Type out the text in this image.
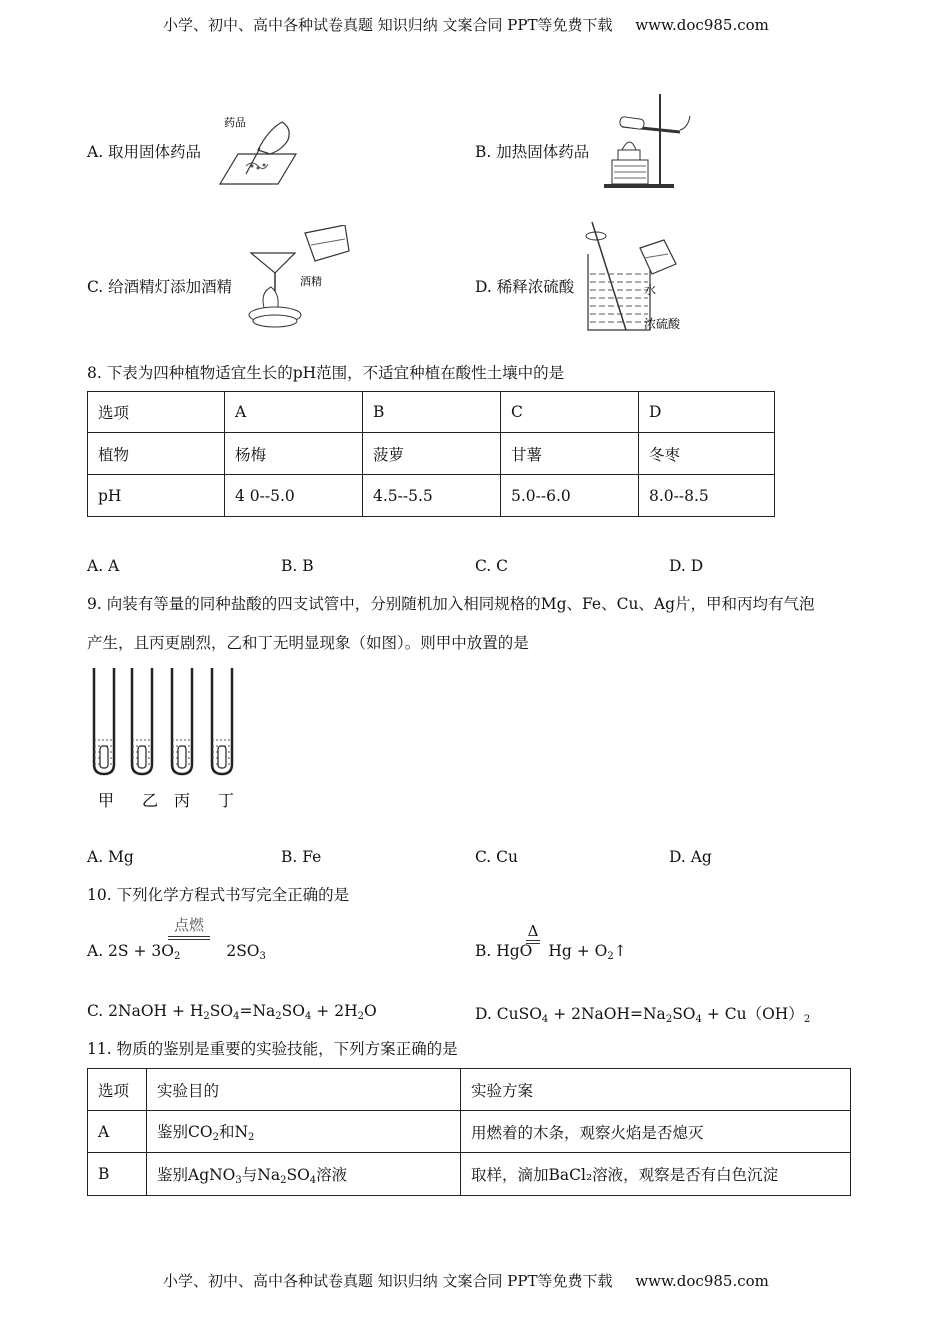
小学、初中、高中各种试卷真题 知识归纳 文案合同 PPT等免费下载 www.doc985.com
A. 取用固体药品
药品
B. 加热固体药品
C. 给酒精灯添加酒精	酒精	D. 稀释浓硫酸	水
浓硫酸
8. 下表为四种植物适宜生长的pH范围，不适宜种植在酸性土壤中的是
选项	A	B	C	D
植物	杨梅	菠萝	甘薯	冬枣
pH	4 0--5.0	4.5--5.5	5.0--6.0	8.0--8.5
A. A	B. B	C. C	D. D
9. 向装有等量的同种盐酸的四支试管中，分别随机加入相同规格的Mg、Fe、Cu、Ag片，甲和丙均有气泡
产生，且丙更剧烈，乙和丁无明显现象（如图）。则甲中放置的是
甲 乙 丙 丁
A. Mg	B. Fe	C. Cu	D. Ag
10. 下列化学方程式书写完全正确的是
点燃
A. $2S + 3O_2$	$2SO_3$
Δ
B. HgO $Hg + O_2↑$
C. 2NaOH + $H_2SO_4=Na_2SO_4 + 2H_2O$	D. CuSO$_4$ + $2NaOH=Na_2SO_4 + Cu(OH)_2$
11. 物质的鉴别是重要的实验技能，下列方案正确的是
选项	实验目的	实验方案
A	鉴别$CO_2$和$N_2$	用燃着的木条，观察火焰是否熄灭
B	鉴别AgNO$_3$与$Na_2SO_4$溶液	取样，滴加BaCl₂溶液，观察是否有白色沉淀
小学、初中、高中各种试卷真题 知识归纳 文案合同 PPT等免费下载 www.doc985.com
